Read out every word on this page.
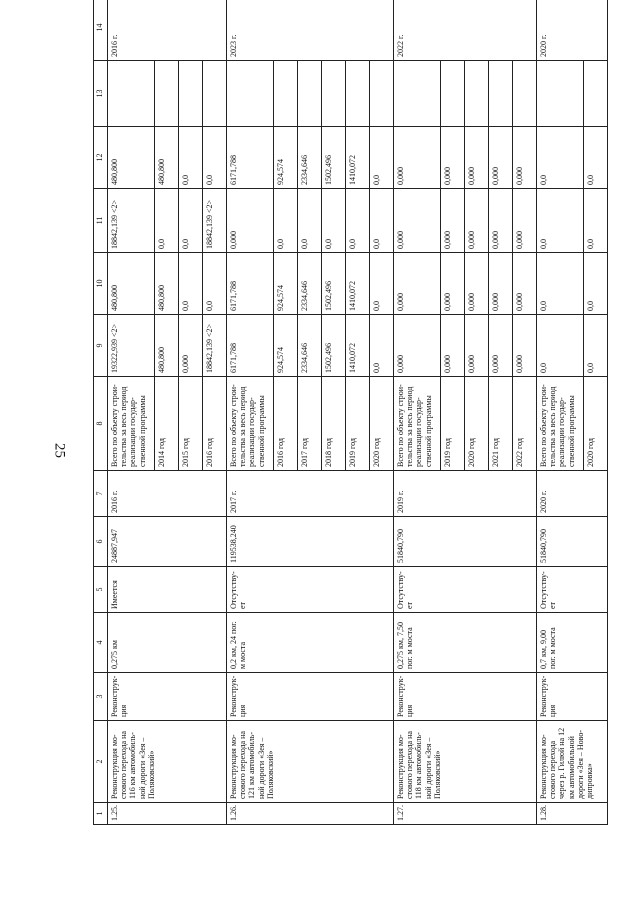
25
1	2	3	4	5	6	7	8	9	10	11	12	13	14
1.25.	Реконструкция мо-стового перехода на 116 км автомобиль-ной дороги «Зея – Поляковский»	Реконструк-ция	0,275 км	Имеется	24887,947	2016 г.	Всего по объекту строи-тельства за весь период реализации государ-ственной программы	19322,939 <2>	480,800	18842,139 <2>	480,800		2016 г.
							2014 год	480,800	480,800	0,0	480,800		
							2015 год	0,000	0,0	0,0	0,0		
							2016 год	18842,139 <2>	0,0	18842,139 <2>	0,0		
1.26.	Реконструкция мо-стового перехода на 121 км автомобиль-ной дороги «Зея – Поляковский»	Реконструк-ция	0,2 км, 24 пог. м моста	Отсутству-ет	119538,240	2017 г.	Всего по объекту строи-тельства за весь период реализации государ-ственной программы	6171,788	6171,788	0,000	6171,788		2023 г.
							2016 год	924,574	924,574	0,0	924,574		
							2017 год	2334,646	2334,646	0,0	2334,646		
							2018 год	1502,496	1502,496	0,0	1502,496		
							2019 год	1410,072	1410,072	0,0	1410,072		
							2020 год	0,0	0,0	0,0	0,0		
1.27.	Реконструкция мо-стового перехода на 118 км автомобиль-ной дороги «Зея – Поляковский»	Реконструк-ция	0,275 км, 7,50 пог. м моста	Отсутству-ет	51840,790	2019 г.	Всего по объекту строи-тельства за весь период реализации государ-ственной программы	0,000	0,000	0,000	0,000		2022 г.
							2019 год	0,000	0,000	0,000	0,000		
							2020 год	0,000	0,000	0,000	0,000		
							2021 год	0,000	0,000	0,000	0,000		
							2022 год	0,000	0,000	0,000	0,000		
1.28.	Реконструкция мо-стового перехода через р. Гилюй на 12 км автомобильной дороги «Зея – Ново-дипровка»	Реконструк-ция	0,7 км, 9,00 пог. м моста	Отсутству-ет	51840,790	2020 г.	Всего по объекту строи-тельства за весь период реализации государ-ственной программы	0,0	0,0	0,0	0,0		2020 г.
							2020 год	0,0	0,0	0,0	0,0		
